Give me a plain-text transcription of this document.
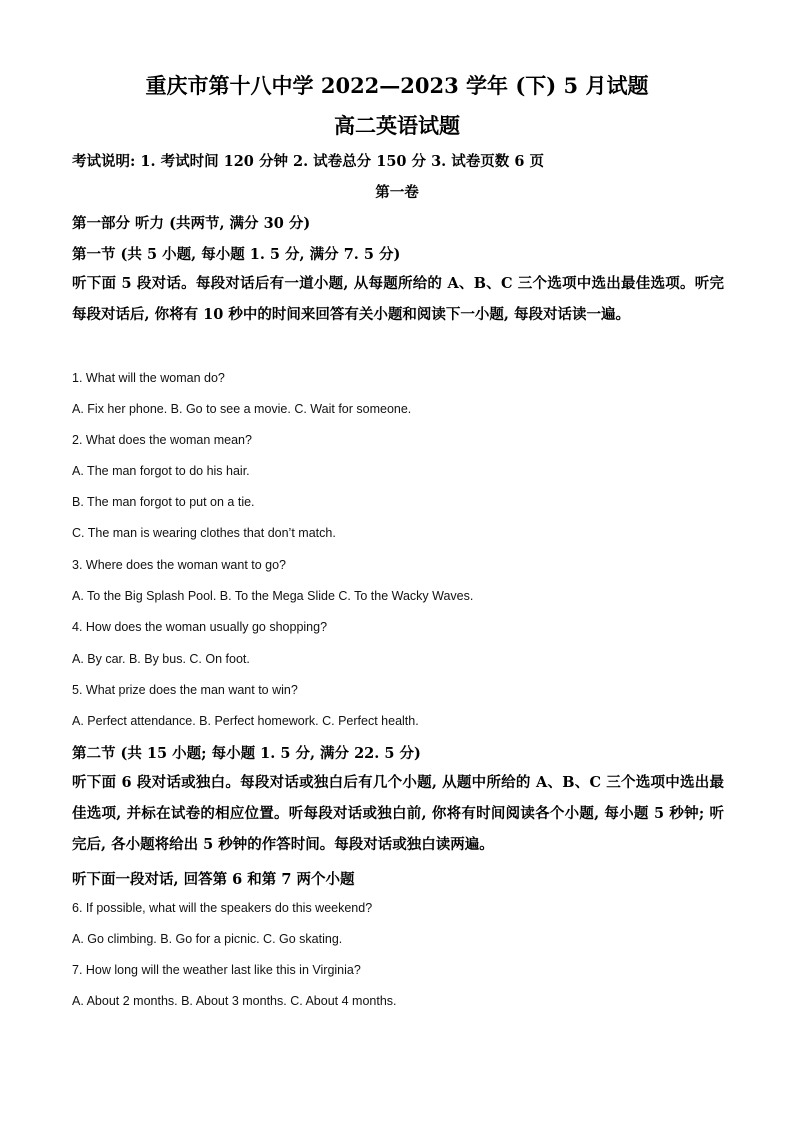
重庆市第十八中学 2022—2023 学年 (下) 5 月试题
高二英语试题
考试说明: 1. 考试时间 120 分钟 2. 试卷总分 150 分 3. 试卷页数 6 页
第一卷
第一部分 听力 (共两节, 满分 30 分)
第一节 (共 5 小题, 每小题 1. 5 分, 满分 7. 5 分)
听下面 5 段对话。每段对话后有一道小题, 从每题所给的 A、B、C 三个选项中选出最佳选项。听完每段对话后, 你将有 10 秒中的时间来回答有关小题和阅读下一小题, 每段对话读一遍。
1. What will the woman do?
A. Fix her phone. B. Go to see a movie. C. Wait for someone.
2. What does the woman mean?
A. The man forgot to do his hair.
B. The man forgot to put on a tie.
C. The man is wearing clothes that don’t match.
3. Where does the woman want to go?
A. To the Big Splash Pool. B. To the Mega Slide C. To the Wacky Waves.
4. How does the woman usually go shopping?
A. By car. B. By bus. C. On foot.
5. What prize does the man want to win?
A. Perfect attendance. B. Perfect homework. C. Perfect health.
第二节 (共 15 小题; 每小题 1. 5 分, 满分 22. 5 分)
听下面 6 段对话或独白。每段对话或独白后有几个小题, 从题中所给的 A、B、C 三个选项中选出最佳选项, 并标在试卷的相应位置。听每段对话或独白前, 你将有时间阅读各个小题, 每小题 5 秒钟; 听完后, 各小题将给出 5 秒钟的作答时间。每段对话或独白读两遍。
听下面一段对话, 回答第 6 和第 7 两个小题
6. If possible, what will the speakers do this weekend?
A. Go climbing. B. Go for a picnic. C. Go skating.
7. How long will the weather last like this in Virginia?
A. About 2 months. B. About 3 months. C. About 4 months.
